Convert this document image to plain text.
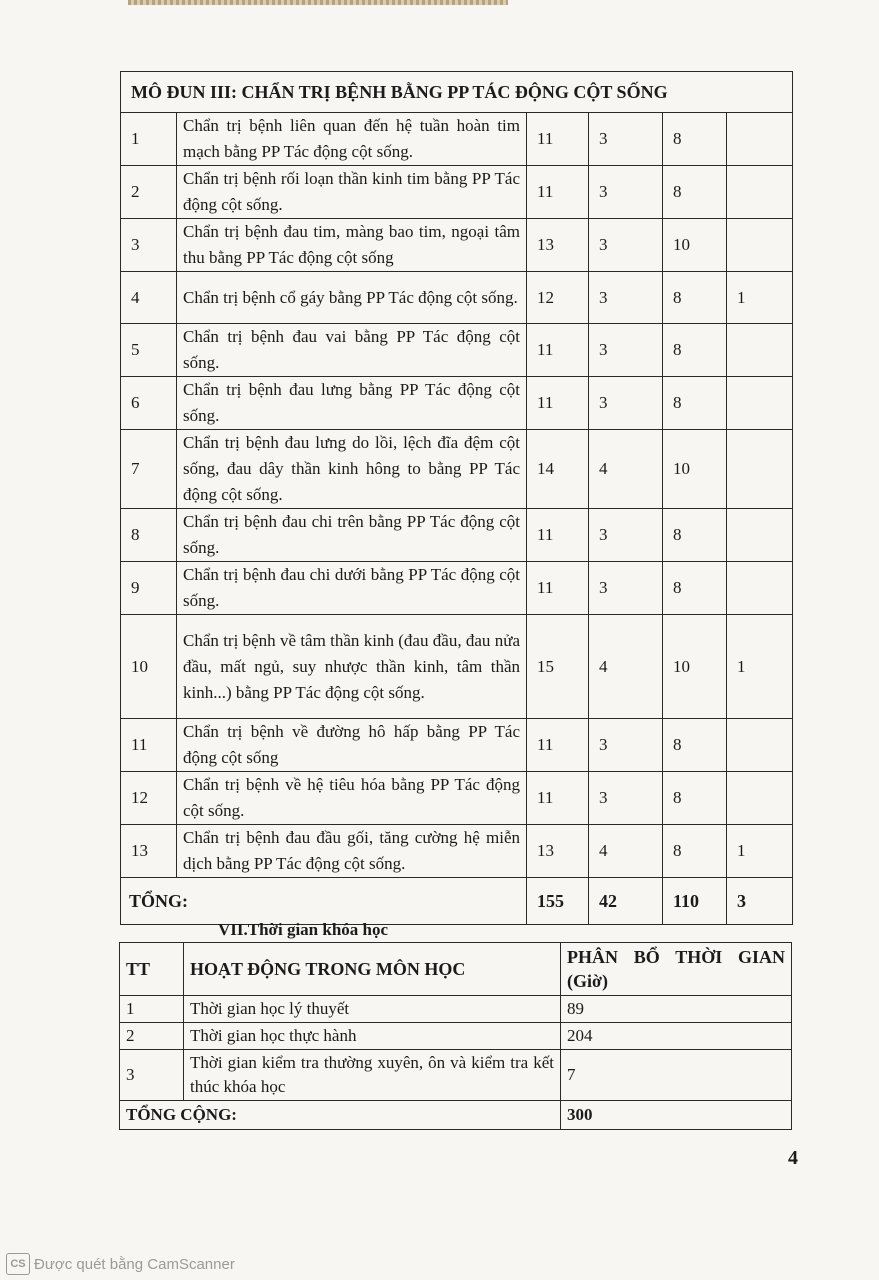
MÔ ĐUN III: CHẨN TRỊ BỆNH BẰNG PP TÁC ĐỘNG CỘT SỐNG					
1	Chẩn trị bệnh liên quan đến hệ tuần hoàn tim mạch bằng PP Tác động cột sống.	11	3	8	
2	Chẩn trị bệnh rối loạn thần kinh tim bằng PP Tác động cột sống.	11	3	8	
3	Chẩn trị bệnh đau tim, màng bao tim, ngoại tâm thu bằng PP Tác động cột sống	13	3	10	
4	Chẩn trị bệnh cổ gáy bằng PP Tác động cột sống.	12	3	8	1
5	Chẩn trị bệnh đau vai bằng PP Tác động cột sống.	11	3	8	
6	Chẩn trị bệnh đau lưng bằng PP Tác động cột sống.	11	3	8	
7	Chẩn trị bệnh đau lưng do lồi, lệch đĩa đệm cột sống, đau dây thần kinh hông to bằng PP Tác động cột sống.	14	4	10	
8	Chẩn trị bệnh đau chi trên bằng PP Tác động cột sống.	11	3	8	
9	Chẩn trị bệnh đau chi dưới bằng PP Tác động cột sống.	11	3	8	
10	Chẩn trị bệnh về tâm thần kinh (đau đầu, đau nửa đầu, mất ngủ, suy nhược thần kinh, tâm thần kinh...) bằng PP Tác động cột sống.	15	4	10	1
11	Chẩn trị bệnh về đường hô hấp bằng PP Tác động cột sống	11	3	8	
12	Chẩn trị bệnh về hệ tiêu hóa bằng PP Tác động cột sống.	11	3	8	
13	Chẩn trị bệnh đau đầu gối, tăng cường hệ miễn dịch bằng PP Tác động cột sống.	13	4	8	1
TỔNG:		155	42	110	3
VII.Thời gian khóa học
TT	HOẠT ĐỘNG TRONG MÔN HỌC	PHÂN BỔ THỜI GIAN (Giờ)
1	Thời gian học lý thuyết	89
2	Thời gian học thực hành	204
3	Thời gian kiểm tra thường xuyên, ôn và kiểm tra kết thúc khóa học	7
TỔNG CỘNG:		300
4
CS Được quét bằng CamScanner
